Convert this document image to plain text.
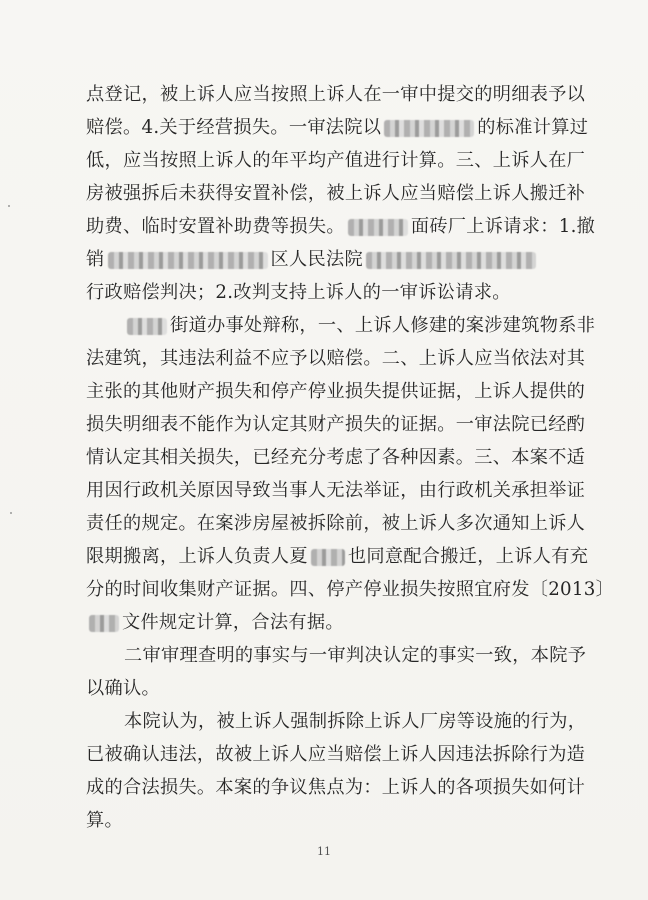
点登记，被上诉人应当按照上诉人在一审中提交的明细表予以
赔偿。4.关于经营损失。一审法院以	的标准计算过
低，应当按照上诉人的年平均产值进行计算。三、上诉人在厂
房被强拆后未获得安置补偿，被上诉人应当赔偿上诉人搬迁补
助费、临时安置补助费等损失。	面砖厂上诉请求：1.撤
销	区人民法院
行政赔偿判决；2.改判支持上诉人的一审诉讼请求。
街道办事处辩称，一、上诉人修建的案涉建筑物系非
法建筑，其违法利益不应予以赔偿。二、上诉人应当依法对其
主张的其他财产损失和停产停业损失提供证据，上诉人提供的
损失明细表不能作为认定其财产损失的证据。一审法院已经酌
情认定其相关损失，已经充分考虑了各种因素。三、本案不适
用因行政机关原因导致当事人无法举证，由行政机关承担举证
责任的规定。在案涉房屋被拆除前，被上诉人多次通知上诉人
限期搬离，上诉人负责人夏 也同意配合搬迁，上诉人有充
分的时间收集财产证据。四、停产停业损失按照宜府发〔2013〕
文件规定计算，合法有据。
二审审理查明的事实与一审判决认定的事实一致，本院予
以确认。
本院认为，被上诉人强制拆除上诉人厂房等设施的行为，
已被确认违法，故被上诉人应当赔偿上诉人因违法拆除行为造
成的合法损失。本案的争议焦点为：上诉人的各项损失如何计
算。
11
